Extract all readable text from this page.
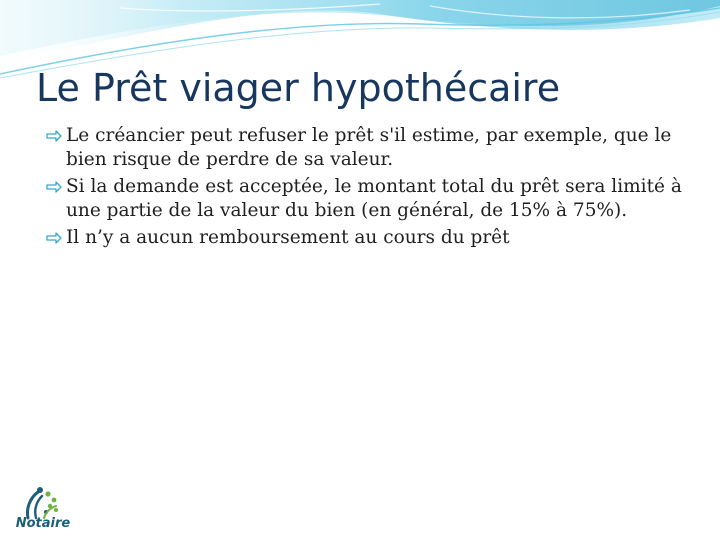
Le Prêt viager hypothécaire
Le créancier peut refuser le prêt s'il estime, par exemple, que le bien risque de perdre de sa valeur.
Si la demande est acceptée, le montant total du prêt sera limité à une partie de la valeur du bien (en général, de 15% à 75%).
Il n’y a aucun remboursement au cours du prêt
Notaire
